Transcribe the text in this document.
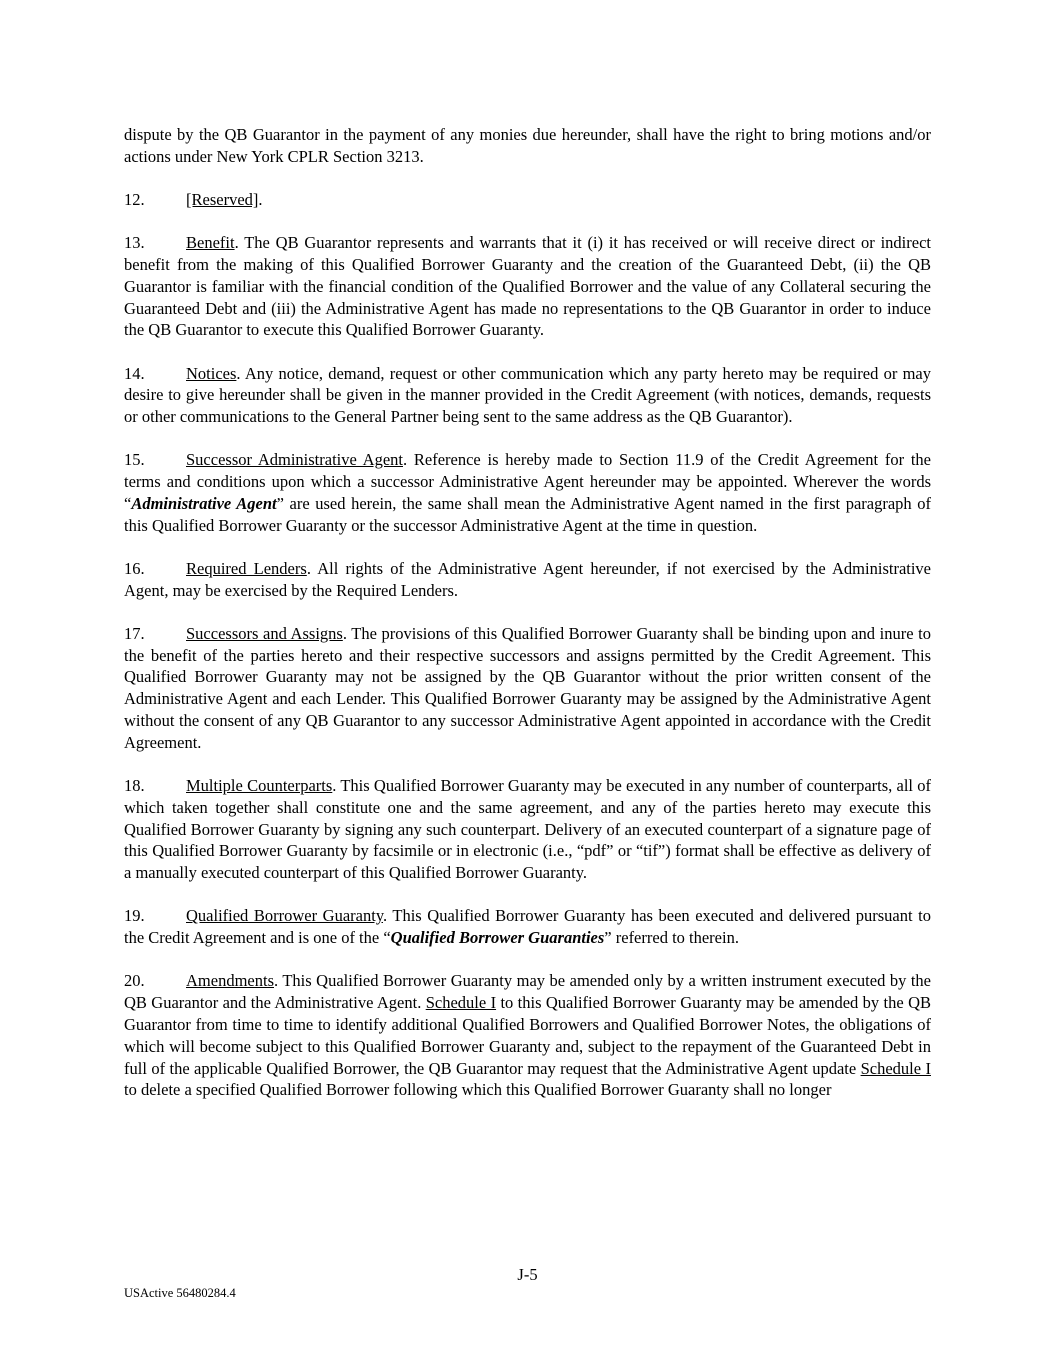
dispute by the QB Guarantor in the payment of any monies due hereunder, shall have the right to bring motions and/or actions under New York CPLR Section 3213.

12.	[Reserved].

13.	Benefit. The QB Guarantor represents and warrants that it (i) it has received or will receive direct or indirect benefit from the making of this Qualified Borrower Guaranty and the creation of the Guaranteed Debt, (ii) the QB Guarantor is familiar with the financial condition of the Qualified Borrower and the value of any Collateral securing the Guaranteed Debt and (iii) the Administrative Agent has made no representations to the QB Guarantor in order to induce the QB Guarantor to execute this Qualified Borrower Guaranty.

14.	Notices. Any notice, demand, request or other communication which any party hereto may be required or may desire to give hereunder shall be given in the manner provided in the Credit Agreement (with notices, demands, requests or other communications to the General Partner being sent to the same address as the QB Guarantor).

15.	Successor Administrative Agent. Reference is hereby made to Section 11.9 of the Credit Agreement for the terms and conditions upon which a successor Administrative Agent hereunder may be appointed. Wherever the words “Administrative Agent” are used herein, the same shall mean the Administrative Agent named in the first paragraph of this Qualified Borrower Guaranty or the successor Administrative Agent at the time in question.

16.	Required Lenders. All rights of the Administrative Agent hereunder, if not exercised by the Administrative Agent, may be exercised by the Required Lenders.

17.	Successors and Assigns. The provisions of this Qualified Borrower Guaranty shall be binding upon and inure to the benefit of the parties hereto and their respective successors and assigns permitted by the Credit Agreement. This Qualified Borrower Guaranty may not be assigned by the QB Guarantor without the prior written consent of the Administrative Agent and each Lender. This Qualified Borrower Guaranty may be assigned by the Administrative Agent without the consent of any QB Guarantor to any successor Administrative Agent appointed in accordance with the Credit Agreement.

18.	Multiple Counterparts. This Qualified Borrower Guaranty may be executed in any number of counterparts, all of which taken together shall constitute one and the same agreement, and any of the parties hereto may execute this Qualified Borrower Guaranty by signing any such counterpart. Delivery of an executed counterpart of a signature page of this Qualified Borrower Guaranty by facsimile or in electronic (i.e., “pdf” or “tif”) format shall be effective as delivery of a manually executed counterpart of this Qualified Borrower Guaranty.

19.	Qualified Borrower Guaranty. This Qualified Borrower Guaranty has been executed and delivered pursuant to the Credit Agreement and is one of the “Qualified Borrower Guaranties” referred to therein.

20.	Amendments. This Qualified Borrower Guaranty may be amended only by a written instrument executed by the QB Guarantor and the Administrative Agent. Schedule I to this Qualified Borrower Guaranty may be amended by the QB Guarantor from time to time to identify additional Qualified Borrowers and Qualified Borrower Notes, the obligations of which will become subject to this Qualified Borrower Guaranty and, subject to the repayment of the Guaranteed Debt in full of the applicable Qualified Borrower, the QB Guarantor may request that the Administrative Agent update Schedule I to delete a specified Qualified Borrower following which this Qualified Borrower Guaranty shall no longer

J-5
USActive 56480284.4
